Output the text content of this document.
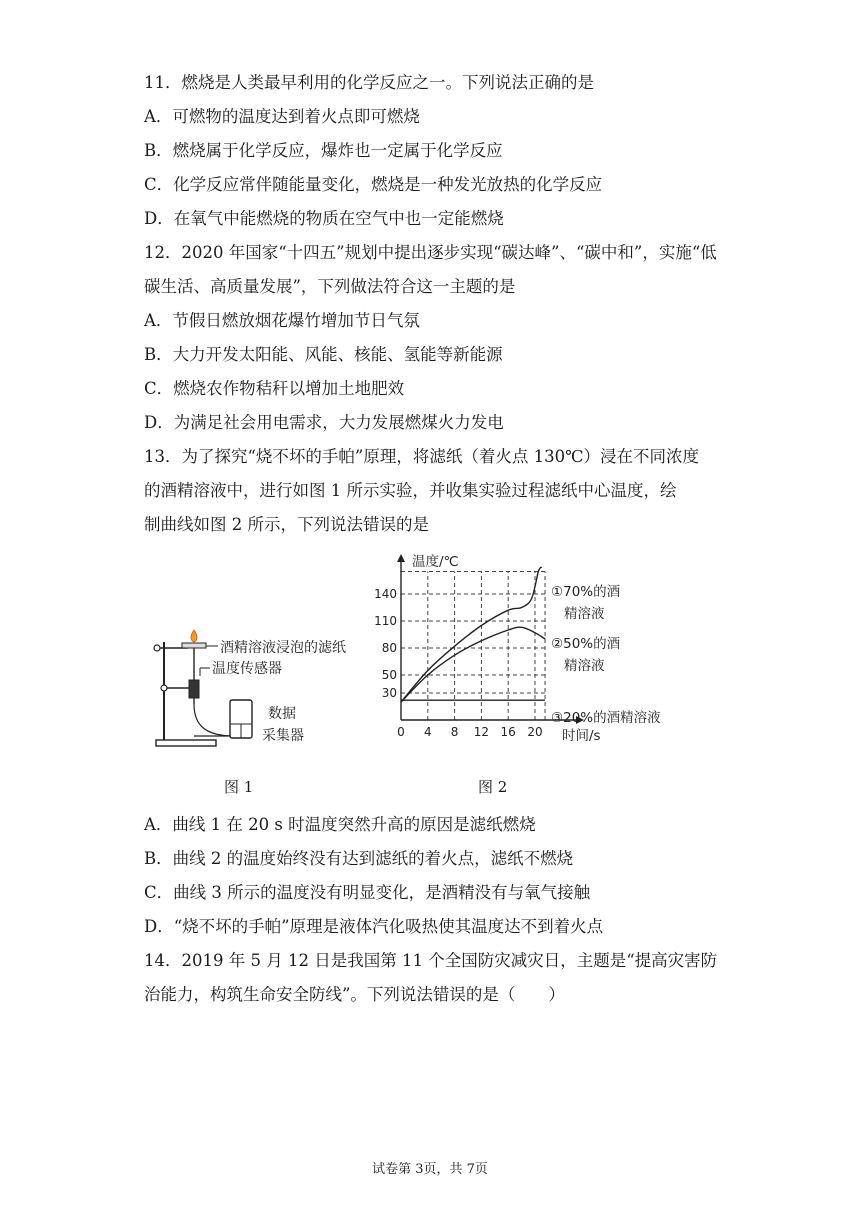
11．燃烧是人类最早利用的化学反应之一。下列说法正确的是
A．可燃物的温度达到着火点即可燃烧
B．燃烧属于化学反应，爆炸也一定属于化学反应
C．化学反应常伴随能量变化，燃烧是一种发光放热的化学反应
D．在氧气中能燃烧的物质在空气中也一定能燃烧
12．2020 年国家“十四五”规划中提出逐步实现“碳达峰”、“碳中和”，实施“低
碳生活、高质量发展”，下列做法符合这一主题的是
A．节假日燃放烟花爆竹增加节日气氛
B．大力开发太阳能、风能、核能、氢能等新能源
C．燃烧农作物秸秆以增加土地肥效
D．为满足社会用电需求，大力发展燃煤火力发电
13．为了探究“烧不坏的手帕”原理，将滤纸（着火点 130℃）浸在不同浓度
的酒精溶液中，进行如图 1 所示实验，并收集实验过程滤纸中心温度，绘
制曲线如图 2 所示，下列说法错误的是
酒精溶液浸泡的滤纸
温度传感器
数据
采集器
图 1
0 4 8 12 16 20
30
50
80
110
140
温度/℃
时间/s
①70%的酒
精溶液
②50%的酒
精溶液
③20%的酒精溶液
图 2
A．曲线 1 在 20 s 时温度突然升高的原因是滤纸燃烧
B．曲线 2 的温度始终没有达到滤纸的着火点，滤纸不燃烧
C．曲线 3 所示的温度没有明显变化，是酒精没有与氧气接触
D．“烧不坏的手帕”原理是液体汽化吸热使其温度达不到着火点
14．2019 年 5 月 12 日是我国第 11 个全国防灾减灾日，主题是“提高灾害防
治能力，构筑生命安全防线”。下列说法错误的是（　　）
试卷第 3页，共 7页
